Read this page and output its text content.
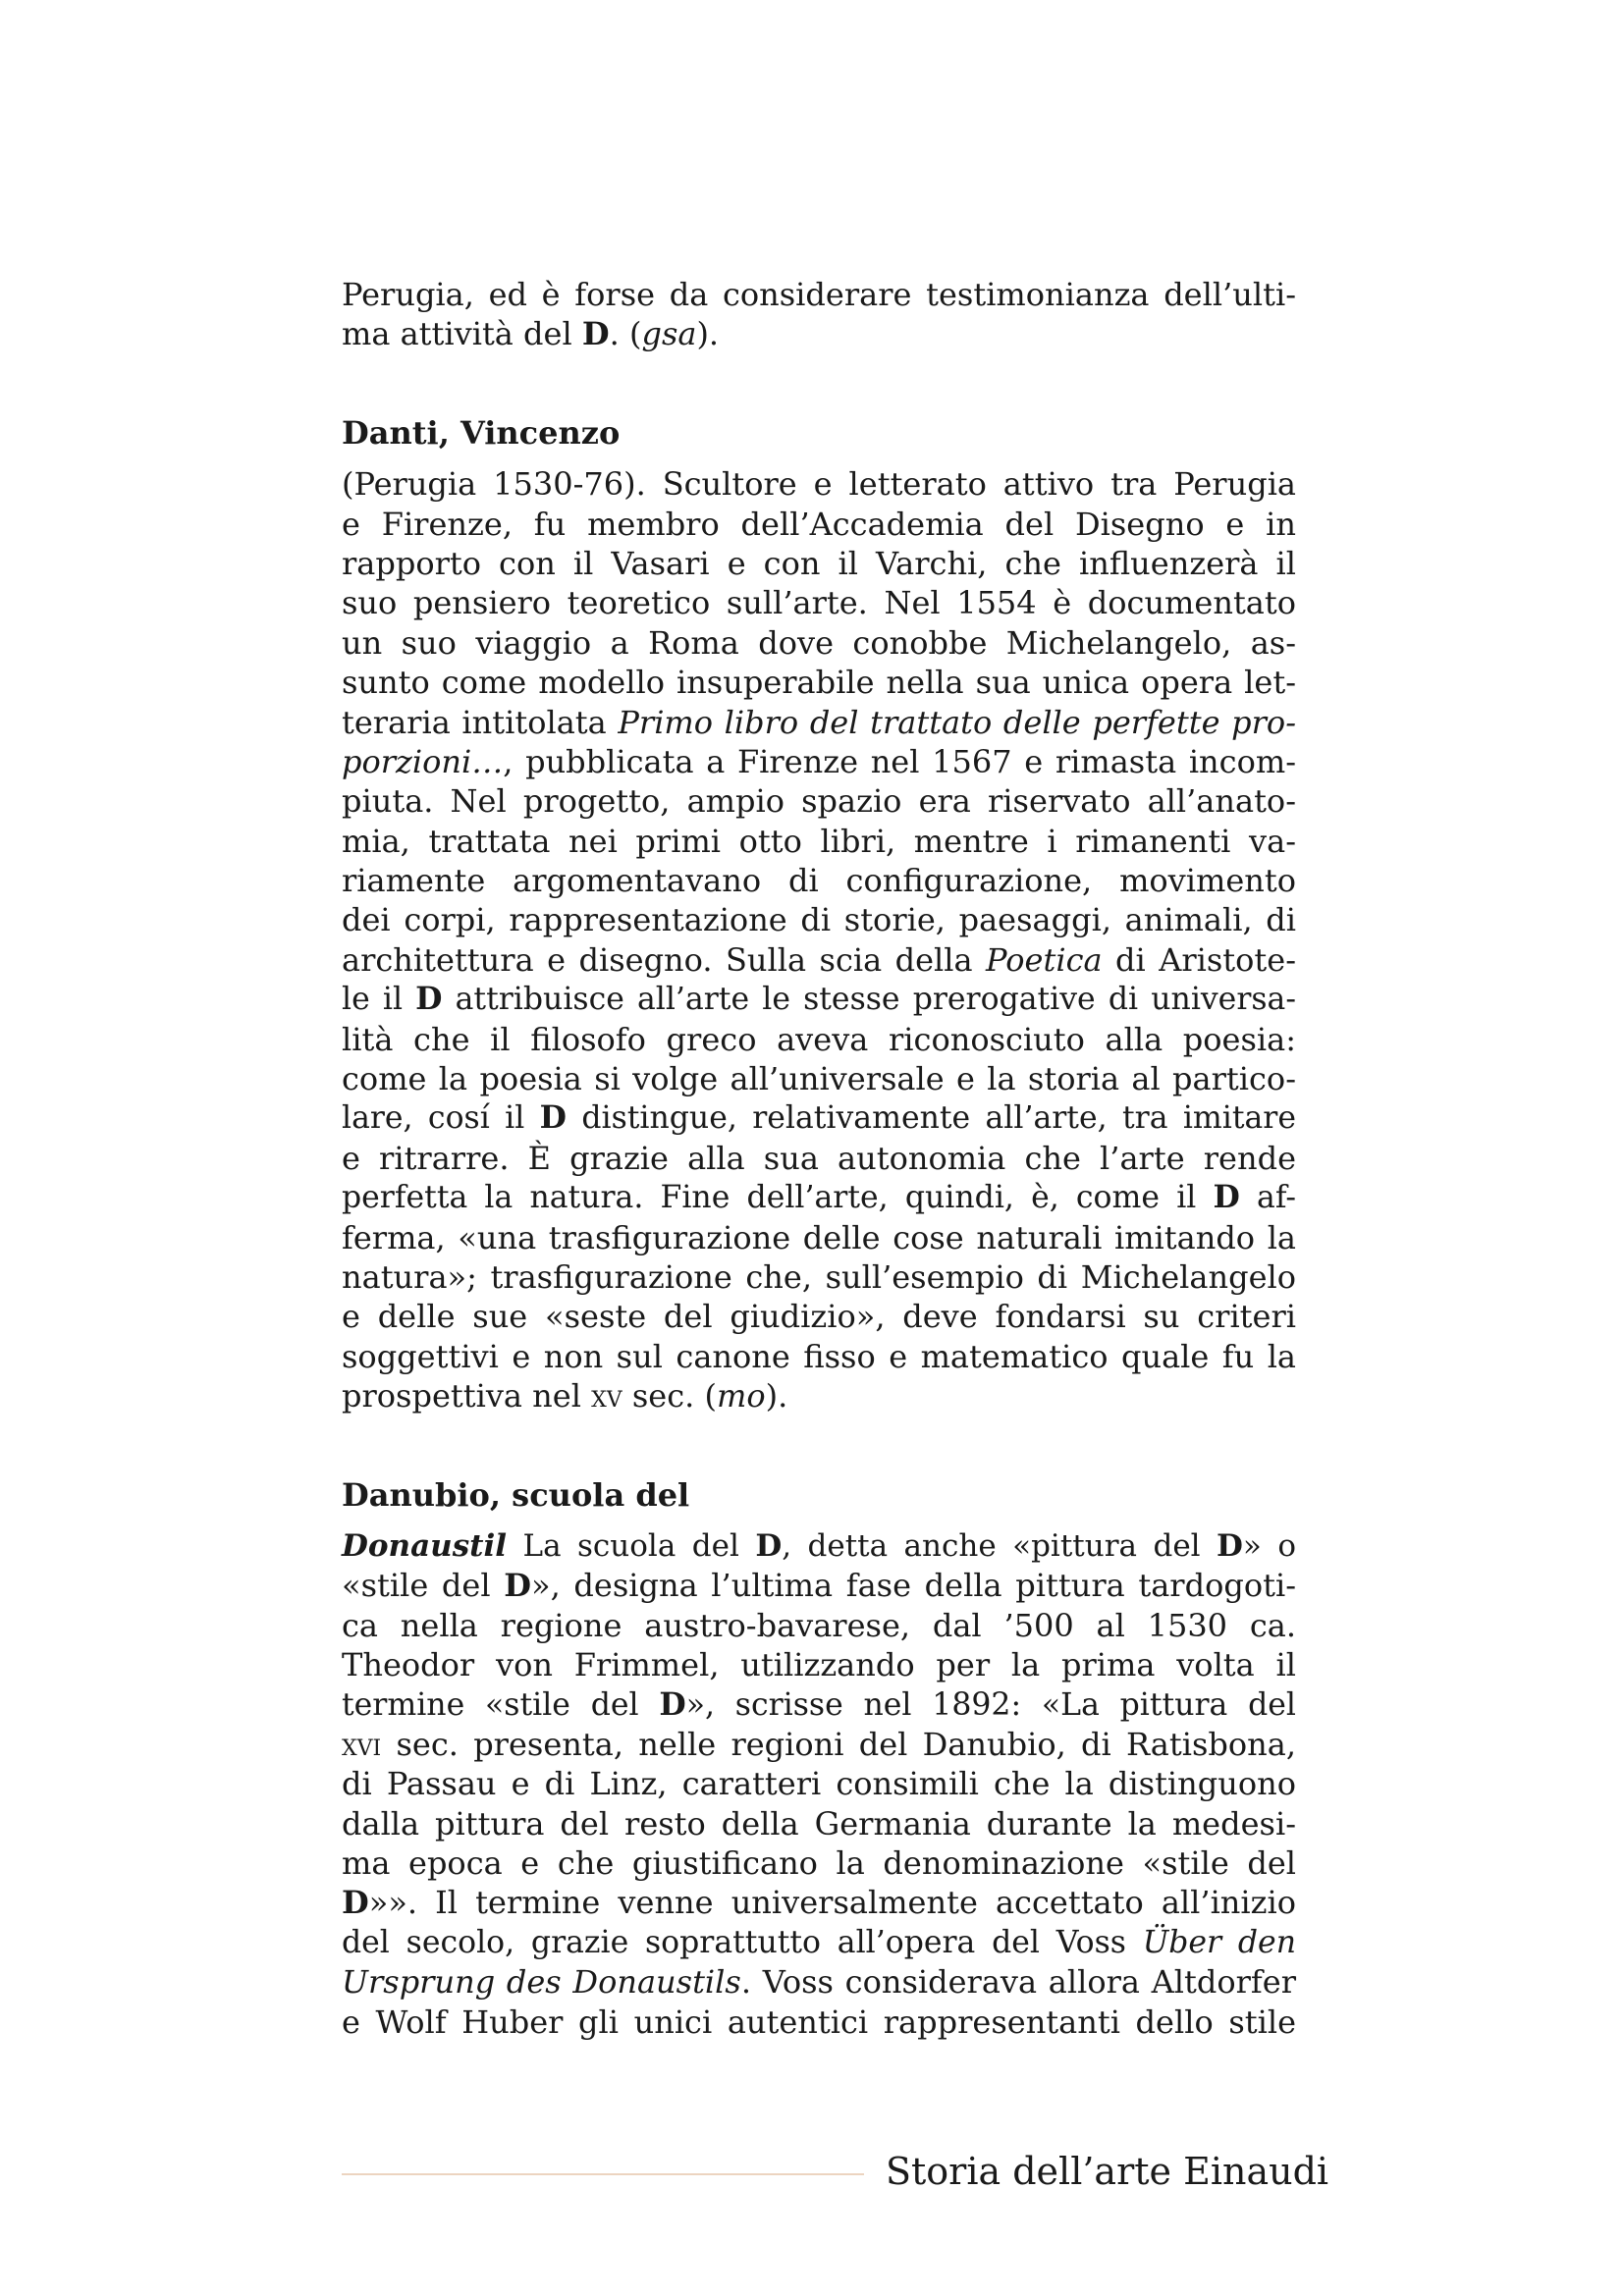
Perugia, ed è forse da considerare testimonianza dell’ulti-
ma attività del D. (gsa).
Danti, Vincenzo
(Perugia 1530-76). Scultore e letterato attivo tra Perugia
e Firenze, fu membro dell’Accademia del Disegno e in
rapporto con il Vasari e con il Varchi, che influenzerà il
suo pensiero teoretico sull’arte. Nel 1554 è documentato
un suo viaggio a Roma dove conobbe Michelangelo, as-
sunto come modello insuperabile nella sua unica opera let-
teraria intitolata Primo libro del trattato delle perfette pro-
porzioni…, pubblicata a Firenze nel 1567 e rimasta incom-
piuta. Nel progetto, ampio spazio era riservato all’anato-
mia, trattata nei primi otto libri, mentre i rimanenti va-
riamente argomentavano di configurazione, movimento
dei corpi, rappresentazione di storie, paesaggi, animali, di
architettura e disegno. Sulla scia della Poetica di Aristote-
le il D attribuisce all’arte le stesse prerogative di universa-
lità che il filosofo greco aveva riconosciuto alla poesia:
come la poesia si volge all’universale e la storia al partico-
lare, cosí il D distingue, relativamente all’arte, tra imitare
e ritrarre. È grazie alla sua autonomia che l’arte rende
perfetta la natura. Fine dell’arte, quindi, è, come il D af-
ferma, «una trasfigurazione delle cose naturali imitando la
natura»; trasfigurazione che, sull’esempio di Michelangelo
e delle sue «seste del giudizio», deve fondarsi su criteri
soggettivi e non sul canone fisso e matematico quale fu la
prospettiva nel xv sec. (mo).
Danubio, scuola del
Donaustil La scuola del D, detta anche «pittura del D» o
«stile del D», designa l’ultima fase della pittura tardogoti-
ca nella regione austro-bavarese, dal ’500 al 1530 ca.
Theodor von Frimmel, utilizzando per la prima volta il
termine «stile del D», scrisse nel 1892: «La pittura del
xvi sec. presenta, nelle regioni del Danubio, di Ratisbona,
di Passau e di Linz, caratteri consimili che la distinguono
dalla pittura del resto della Germania durante la medesi-
ma epoca e che giustificano la denominazione «stile del
D»». Il termine venne universalmente accettato all’inizio
del secolo, grazie soprattutto all’opera del Voss Über den
Ursprung des Donaustils. Voss considerava allora Altdorfer
e Wolf Huber gli unici autentici rappresentanti dello stile
Storia dell’arte Einaudi
